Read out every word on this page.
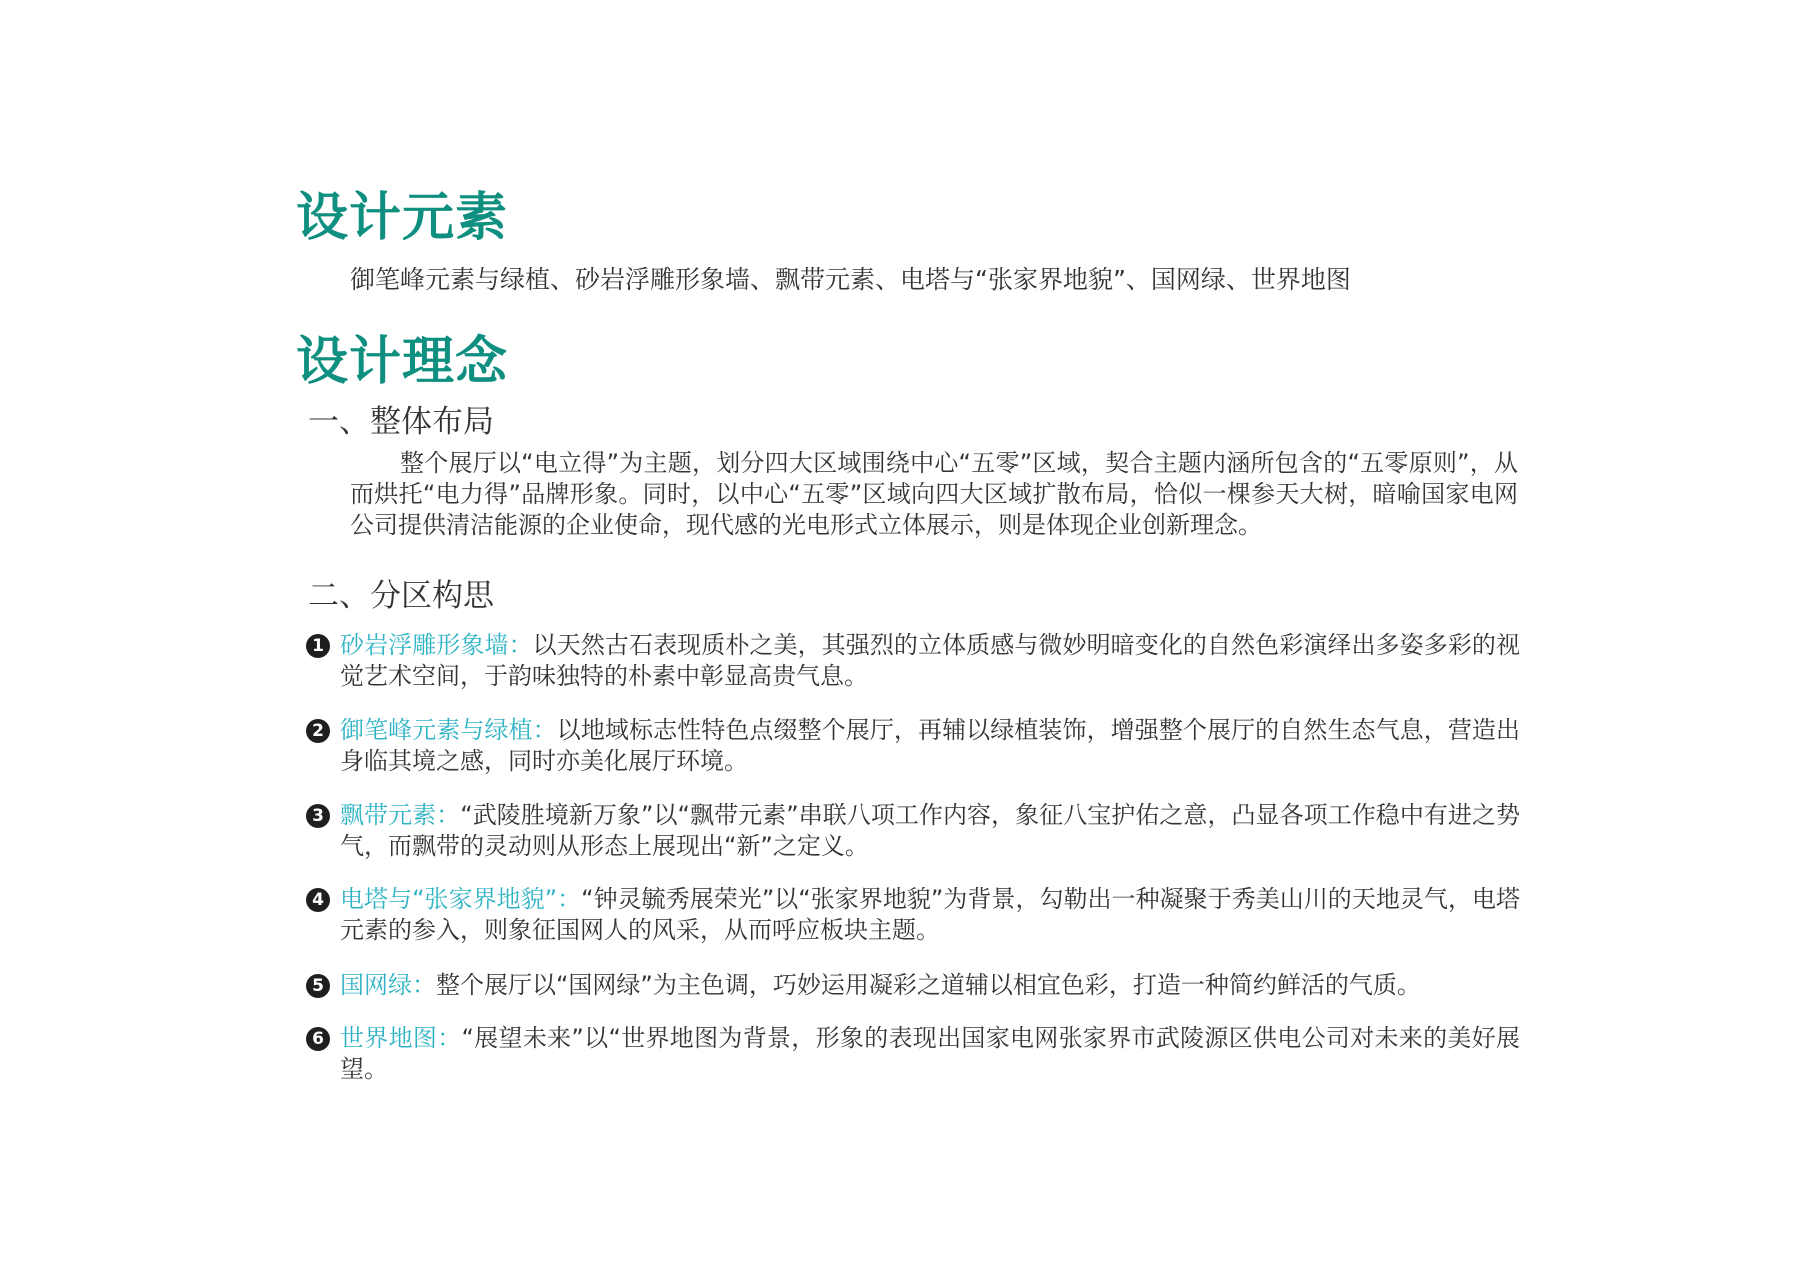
设计元素

御笔峰元素与绿植、砂岩浮雕形象墙、飘带元素、电塔与“张家界地貌”、国网绿、世界地图

设计理念
一、整体布局

整个展厅以“电立得”为主题，划分四大区域围绕中心“五零”区域，契合主题内涵所包含的“五零原则”，从而烘托“电力得”品牌形象。同时，以中心“五零”区域向四大区域扩散布局，恰似一棵参天大树，暗喻国家电网公司提供清洁能源的企业使命，现代感的光电形式立体展示，则是体现企业创新理念。

二、分区构思
1 砂岩浮雕形象墙：以天然古石表现质朴之美，其强烈的立体质感与微妙明暗变化的自然色彩演绎出多姿多彩的视觉艺术空间，于韵味独特的朴素中彰显高贵气息。
2 御笔峰元素与绿植：以地域标志性特色点缀整个展厅，再辅以绿植装饰，增强整个展厅的自然生态气息，营造出身临其境之感，同时亦美化展厅环境。
3 飘带元素：“武陵胜境新万象”以“飘带元素”串联八项工作内容，象征八宝护佑之意，凸显各项工作稳中有进之势气，而飘带的灵动则从形态上展现出“新”之定义。
4 电塔与“张家界地貌”：“钟灵毓秀展荣光”以“张家界地貌”为背景，勾勒出一种凝聚于秀美山川的天地灵气，电塔元素的参入，则象征国网人的风采，从而呼应板块主题。
5 国网绿：整个展厅以“国网绿”为主色调，巧妙运用凝彩之道辅以相宜色彩，打造一种简约鲜活的气质。
6 世界地图：“展望未来”以“世界地图为背景，形象的表现出国家电网张家界市武陵源区供电公司对未来的美好展望。
